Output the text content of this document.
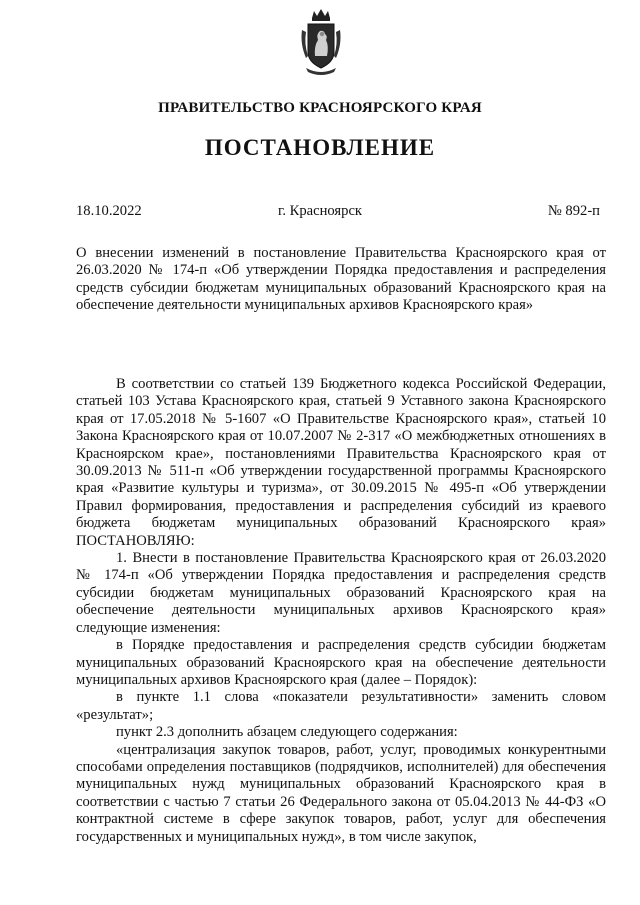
ПРАВИТЕЛЬСТВО КРАСНОЯРСКОГО КРАЯ
ПОСТАНОВЛЕНИЕ
18.10.2022	г. Красноярск	№ 892-п

О внесении изменений в постановление Правительства Красноярского края от 26.03.2020 № 174-п «Об утверждении Порядка предоставления и распределения средств субсидии бюджетам муниципальных образований Красноярского края на обеспечение деятельности муниципальных архивов Красноярского края»

В соответствии со статьей 139 Бюджетного кодекса Российской Федерации, статьей 103 Устава Красноярского края, статьей 9 Уставного закона Красноярского края от 17.05.2018 № 5-1607 «О Правительстве Красноярского края», статьей 10 Закона Красноярского края от 10.07.2007 № 2-317 «О межбюджетных отношениях в Красноярском крае», постановлениями Правительства Красноярского края от 30.09.2013 № 511-п «Об утверждении государственной программы Красноярского края «Развитие культуры и туризма», от 30.09.2015 № 495-п «Об утверждении Правил формирования, предоставления и распределения субсидий из краевого бюджета бюджетам муниципальных образований Красноярского края» ПОСТАНОВЛЯЮ:

1. Внести в постановление Правительства Красноярского края от 26.03.2020 № 174-п «Об утверждении Порядка предоставления и распределения средств субсидии бюджетам муниципальных образований Красноярского края на обеспечение деятельности муниципальных архивов Красноярского края» следующие изменения:

в Порядке предоставления и распределения средств субсидии бюджетам муниципальных образований Красноярского края на обеспечение деятельности муниципальных архивов Красноярского края (далее – Порядок):

в пункте 1.1 слова «показатели результативности» заменить словом «результат»;

пункт 2.3 дополнить абзацем следующего содержания:

«централизация закупок товаров, работ, услуг, проводимых конкурентными способами определения поставщиков (подрядчиков, исполнителей) для обеспечения муниципальных нужд муниципальных образований Красноярского края в соответствии с частью 7 статьи 26 Федерального закона от 05.04.2013 № 44-ФЗ «О контрактной системе в сфере закупок товаров, работ, услуг для обеспечения государственных и муниципальных нужд», в том числе закупок,
